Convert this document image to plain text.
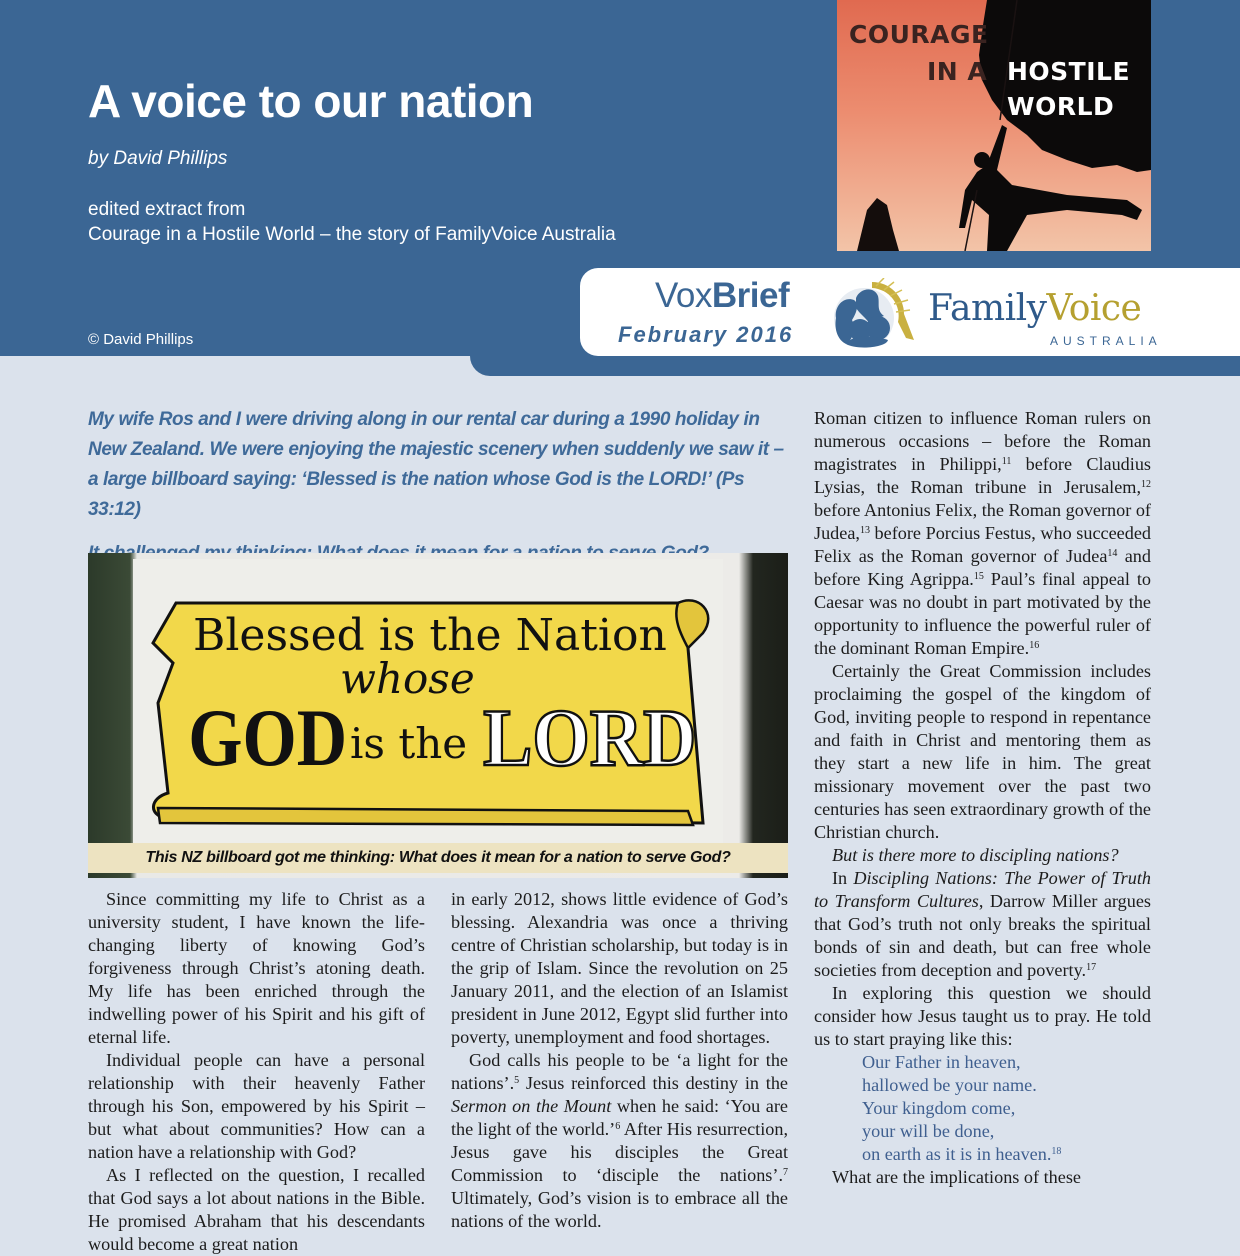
A voice to our nation
by David Phillips
edited extract from
Courage in a Hostile World – the story of FamilyVoice Australia
© David Phillips
COURAGE
IN A HOSTILE
WORLD
VoxBrief
February 2016
FamilyVoice
AUSTRALIA

My wife Ros and I were driving along in our rental car during a 1990 holiday in New Zealand. We were enjoying the majestic scenery when suddenly we saw it – a large billboard saying: ‘Blessed is the nation whose God is the LORD!’ (Ps 33:12)

Blessed is the Nation
whose
GOD is the LORD
This NZ billboard got me thinking: What does it mean for a nation to serve God?

Since committing my life to Christ as a university student, I have known the life-changing liberty of knowing God’s forgiveness through Christ’s atoning death. My life has been enriched through the indwelling power of his Spirit and his gift of eternal life.

Individual people can have a personal relationship with their heavenly Father through his Son, empowered by his Spirit – but what about communities? How can a nation have a relationship with God?

As I reflected on the question, I recalled that God says a lot about nations in the Bible. He promised Abraham that his descendants would become a great nation

in early 2012, shows little evidence of God’s blessing. Alexandria was once a thriving centre of Christian scholarship, but today is in the grip of Islam. Since the revolution on 25 January 2011, and the election of an Islamist president in June 2012, Egypt slid further into poverty, unemployment and food shortages.

God calls his people to be ‘a light for the nations’.$^5$ Jesus reinforced this destiny in the Sermon on the Mount when he said: ‘You are the light of the world.’$^6$ After His resurrection, Jesus gave his disciples the Great Commission to ‘disciple the nations’.$^7$ Ultimately, God’s vision is to embrace all the nations of the world.

Roman citizen to influence Roman rulers on numerous occasions – before the Roman magistrates in Philippi,$^{11}$ before Claudius Lysias, the Roman tribune in Jerusalem,$^{12}$ before Antonius Felix, the Roman governor of Judea,$^{13}$ before Porcius Festus, who succeeded Felix as the Roman governor of Judea$^{14}$ and before King Agrippa.$^{15}$ Paul’s final appeal to Caesar was no doubt in part motivated by the opportunity to influence the powerful ruler of the dominant Roman Empire.$^{16}$

Certainly the Great Commission includes proclaiming the gospel of the kingdom of God, inviting people to respond in repentance and faith in Christ and mentoring them as they start a new life in him. The great missionary movement over the past two centuries has seen extraordinary growth of the Christian church.

But is there more to discipling nations?

In Discipling Nations: The Power of Truth to Transform Cultures, Darrow Miller argues that God’s truth not only breaks the spiritual bonds of sin and death, but can free whole societies from deception and poverty.$^{17}$

In exploring this question we should consider how Jesus taught us to pray. He told us to start praying like this:

Our Father in heaven,
hallowed be your name.
Your kingdom come,
your will be done,
on earth as it is in heaven.$^{18}$

What are the implications of these
